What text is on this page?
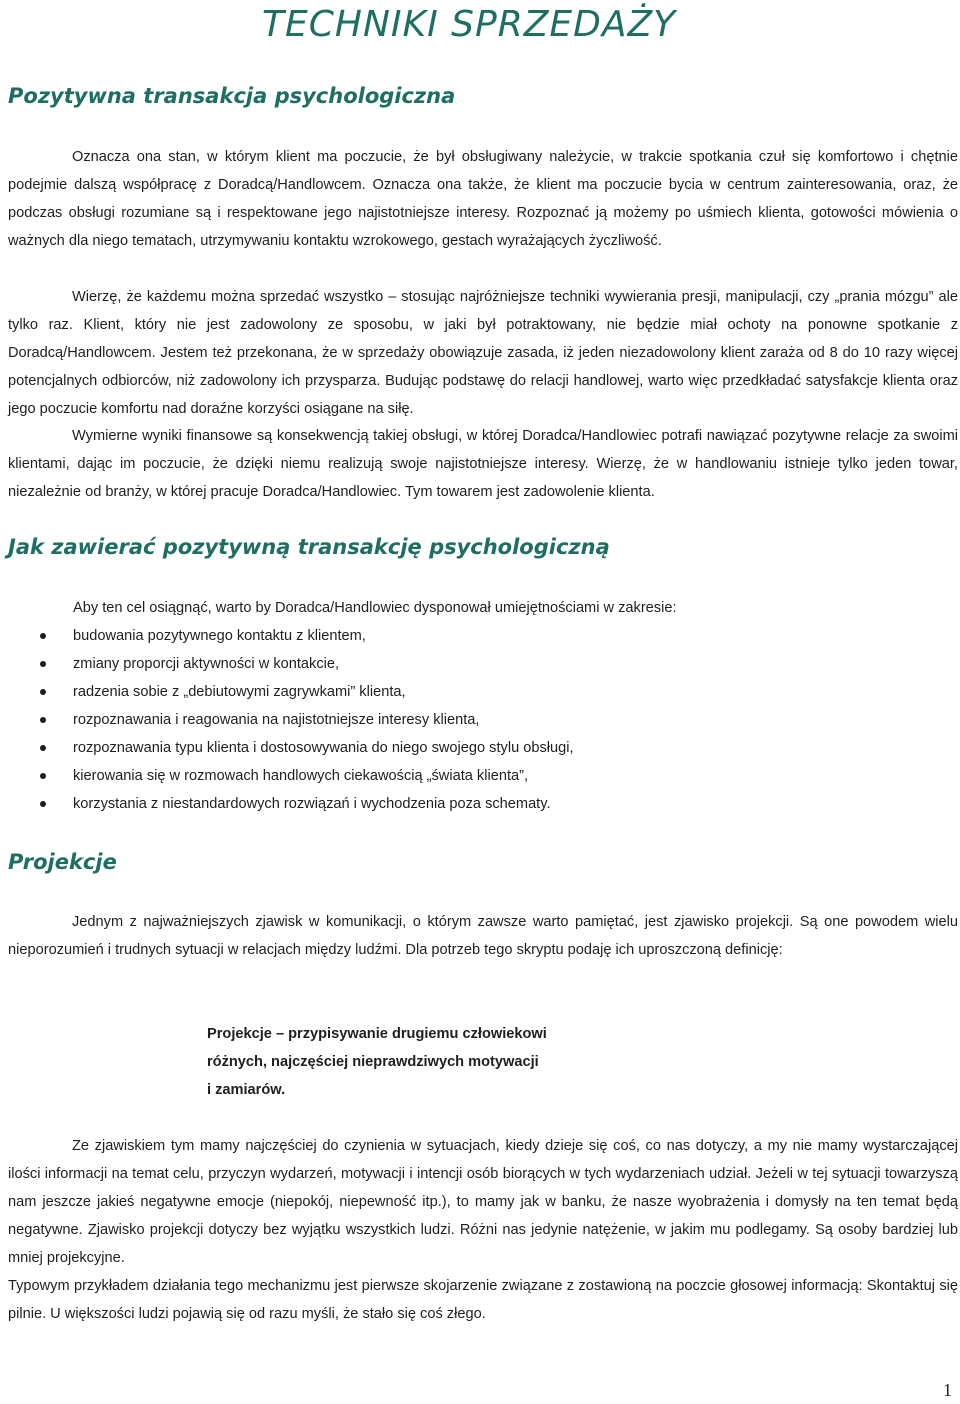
TECHNIKI SPRZEDAŻY
Pozytywna transakcja psychologiczna

Oznacza ona stan, w którym klient ma poczucie, że był obsługiwany należycie, w trakcie spotkania czuł się komfortowo i chętnie podejmie dalszą współpracę z Doradcą/Handlowcem. Oznacza ona także, że klient ma poczucie bycia w centrum zainteresowania, oraz, że podczas obsługi rozumiane są i respektowane jego najistotniejsze interesy. Rozpoznać ją możemy po uśmiech klienta, gotowości mówienia o ważnych dla niego tematach, utrzymywaniu kontaktu wzrokowego, gestach wyrażających życzliwość.

Wierzę, że każdemu można sprzedać wszystko – stosując najróżniejsze techniki wywierania presji, manipulacji, czy „prania mózgu” ale tylko raz. Klient, który nie jest zadowolony ze sposobu, w jaki był potraktowany, nie będzie miał ochoty na ponowne spotkanie z Doradcą/Handlowcem. Jestem też przekonana, że w sprzedaży obowiązuje zasada, iż jeden niezadowolony klient zaraża od 8 do 10 razy więcej potencjalnych odbiorców, niż zadowolony ich przysparza. Budując podstawę do relacji handlowej, warto więc przedkładać satysfakcje klienta oraz jego poczucie komfortu nad doraźne korzyści osiągane na siłę.

Wymierne wyniki finansowe są konsekwencją takiej obsługi, w której Doradca/Handlowiec potrafi nawiązać pozytywne relacje za swoimi klientami, dając im poczucie, że dzięki niemu realizują swoje najistotniejsze interesy. Wierzę, że w handlowaniu istnieje tylko jeden towar, niezależnie od branży, w której pracuje Doradca/Handlowiec. Tym towarem jest zadowolenie klienta.

Jak zawierać pozytywną transakcję psychologiczną

Aby ten cel osiągnąć, warto by Doradca/Handlowiec dysponował umiejętnościami w zakresie:

budowania pozytywnego kontaktu z klientem,
zmiany proporcji aktywności w kontakcie,
radzenia sobie z „debiutowymi zagrywkami” klienta,
rozpoznawania i reagowania na najistotniejsze interesy klienta,
rozpoznawania typu klienta i dostosowywania do niego swojego stylu obsługi,
kierowania się w rozmowach handlowych ciekawością „świata klienta”,
korzystania z niestandardowych rozwiązań i wychodzenia poza schematy.
Projekcje

Jednym z najważniejszych zjawisk w komunikacji, o którym zawsze warto pamiętać, jest zjawisko projekcji. Są one powodem wielu nieporozumień i trudnych sytuacji w relacjach między ludźmi. Dla potrzeb tego skryptu podaję ich uproszczoną definicję:

Projekcje – przypisywanie drugiemu człowiekowi
różnych, najczęściej nieprawdziwych motywacji
i zamiarów.

Ze zjawiskiem tym mamy najczęściej do czynienia w sytuacjach, kiedy dzieje się coś, co nas dotyczy, a my nie mamy wystarczającej ilości informacji na temat celu, przyczyn wydarzeń, motywacji i intencji osób biorących w tych wydarzeniach udział. Jeżeli w tej sytuacji towarzyszą nam jeszcze jakieś negatywne emocje (niepokój, niepewność itp.), to mamy jak w banku, że nasze wyobrażenia i domysły na ten temat będą negatywne. Zjawisko projekcji dotyczy bez wyjątku wszystkich ludzi. Różni nas jedynie natężenie, w jakim mu podlegamy. Są osoby bardziej lub mniej projekcyjne.

Typowym przykładem działania tego mechanizmu jest pierwsze skojarzenie związane z zostawioną na poczcie głosowej informacją: Skontaktuj się pilnie. U większości ludzi pojawią się od razu myśli, że stało się coś złego.

1
